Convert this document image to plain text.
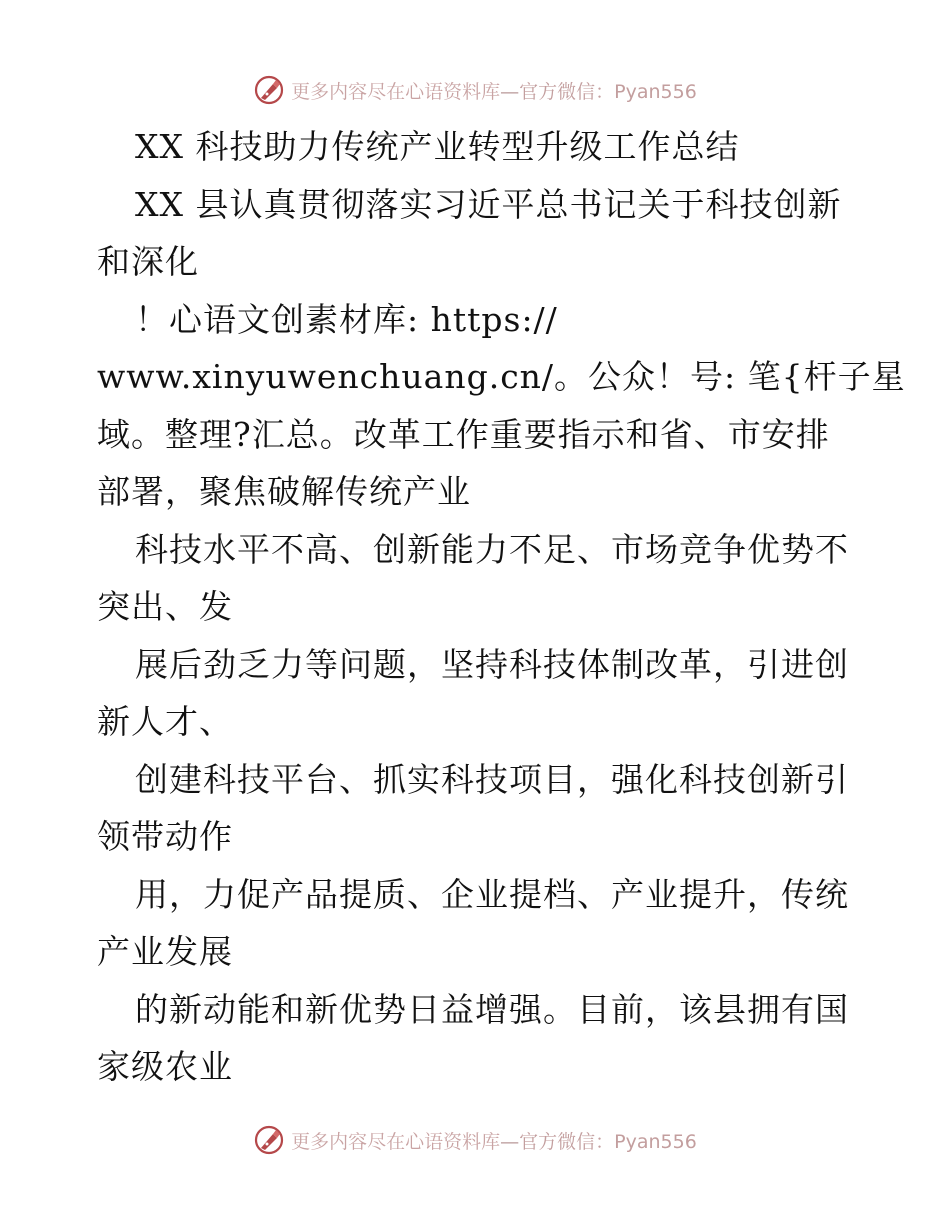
更多内容尽在心语资料库—官方微信：Pyan556
XX 科技助力传统产业转型升级工作总结
XX 县认真贯彻落实习近平总书记关于科技创新
和深化
！心语文创素材库: https://
www.xinyuwenchuang.cn/。公众！号: 笔{杆子星
域。整理?汇总。改革工作重要指示和省、市安排
部署，聚焦破解传统产业
科技水平不高、创新能力不足、市场竞争优势不
突出、发
展后劲乏力等问题，坚持科技体制改革，引进创
新人才、
创建科技平台、抓实科技项目，强化科技创新引
领带动作
用，力促产品提质、企业提档、产业提升，传统
产业发展
的新动能和新优势日益增强。目前，该县拥有国
家级农业
更多内容尽在心语资料库—官方微信：Pyan556
